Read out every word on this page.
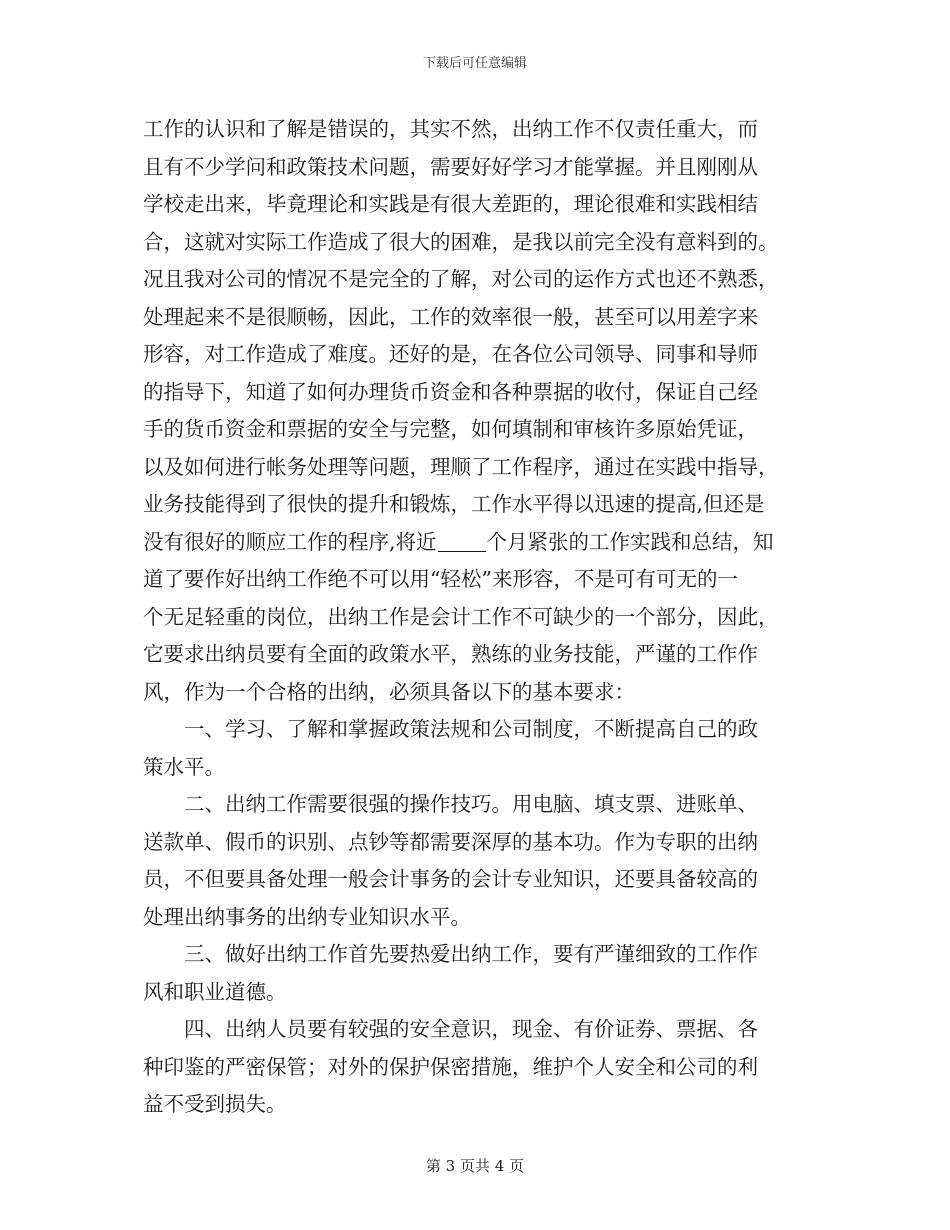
下载后可任意编辑
工作的认识和了解是错误的，其实不然，出纳工作不仅责任重大，而
且有不少学问和政策技术问题，需要好好学习才能掌握。并且刚刚从
学校走出来，毕竟理论和实践是有很大差距的，理论很难和实践相结
合，这就对实际工作造成了很大的困难，是我以前完全没有意料到的。
况且我对公司的情况不是完全的了解，对公司的运作方式也还不熟悉，
处理起来不是很顺畅，因此，工作的效率很一般，甚至可以用差字来
形容，对工作造成了难度。还好的是，在各位公司领导、同事和导师
的指导下，知道了如何办理货币资金和各种票据的收付，保证自己经
手的货币资金和票据的安全与完整，如何填制和审核许多原始凭证，
以及如何进行帐务处理等问题，理顺了工作程序，通过在实践中指导，
业务技能得到了很快的提升和锻炼，工作水平得以迅速的提高,但还是
没有很好的顺应工作的程序,将近 个月紧张的工作实践和总结，知
道了要作好出纳工作绝不可以用“轻松”来形容，不是可有可无的一
个无足轻重的岗位，出纳工作是会计工作不可缺少的一个部分，因此，
它要求出纳员要有全面的政策水平，熟练的业务技能，严谨的工作作
风，作为一个合格的出纳，必须具备以下的基本要求：
一、学习、了解和掌握政策法规和公司制度，不断提高自己的政
策水平。
二、出纳工作需要很强的操作技巧。用电脑、填支票、进账单、
送款单、假币的识别、点钞等都需要深厚的基本功。作为专职的出纳
员，不但要具备处理一般会计事务的会计专业知识，还要具备较高的
处理出纳事务的出纳专业知识水平。
三、做好出纳工作首先要热爱出纳工作，要有严谨细致的工作作
风和职业道德。
四、出纳人员要有较强的安全意识，现金、有价证券、票据、各
种印鉴的严密保管；对外的保护保密措施，维护个人安全和公司的利
益不受到损失。
第 3 页共 4 页
